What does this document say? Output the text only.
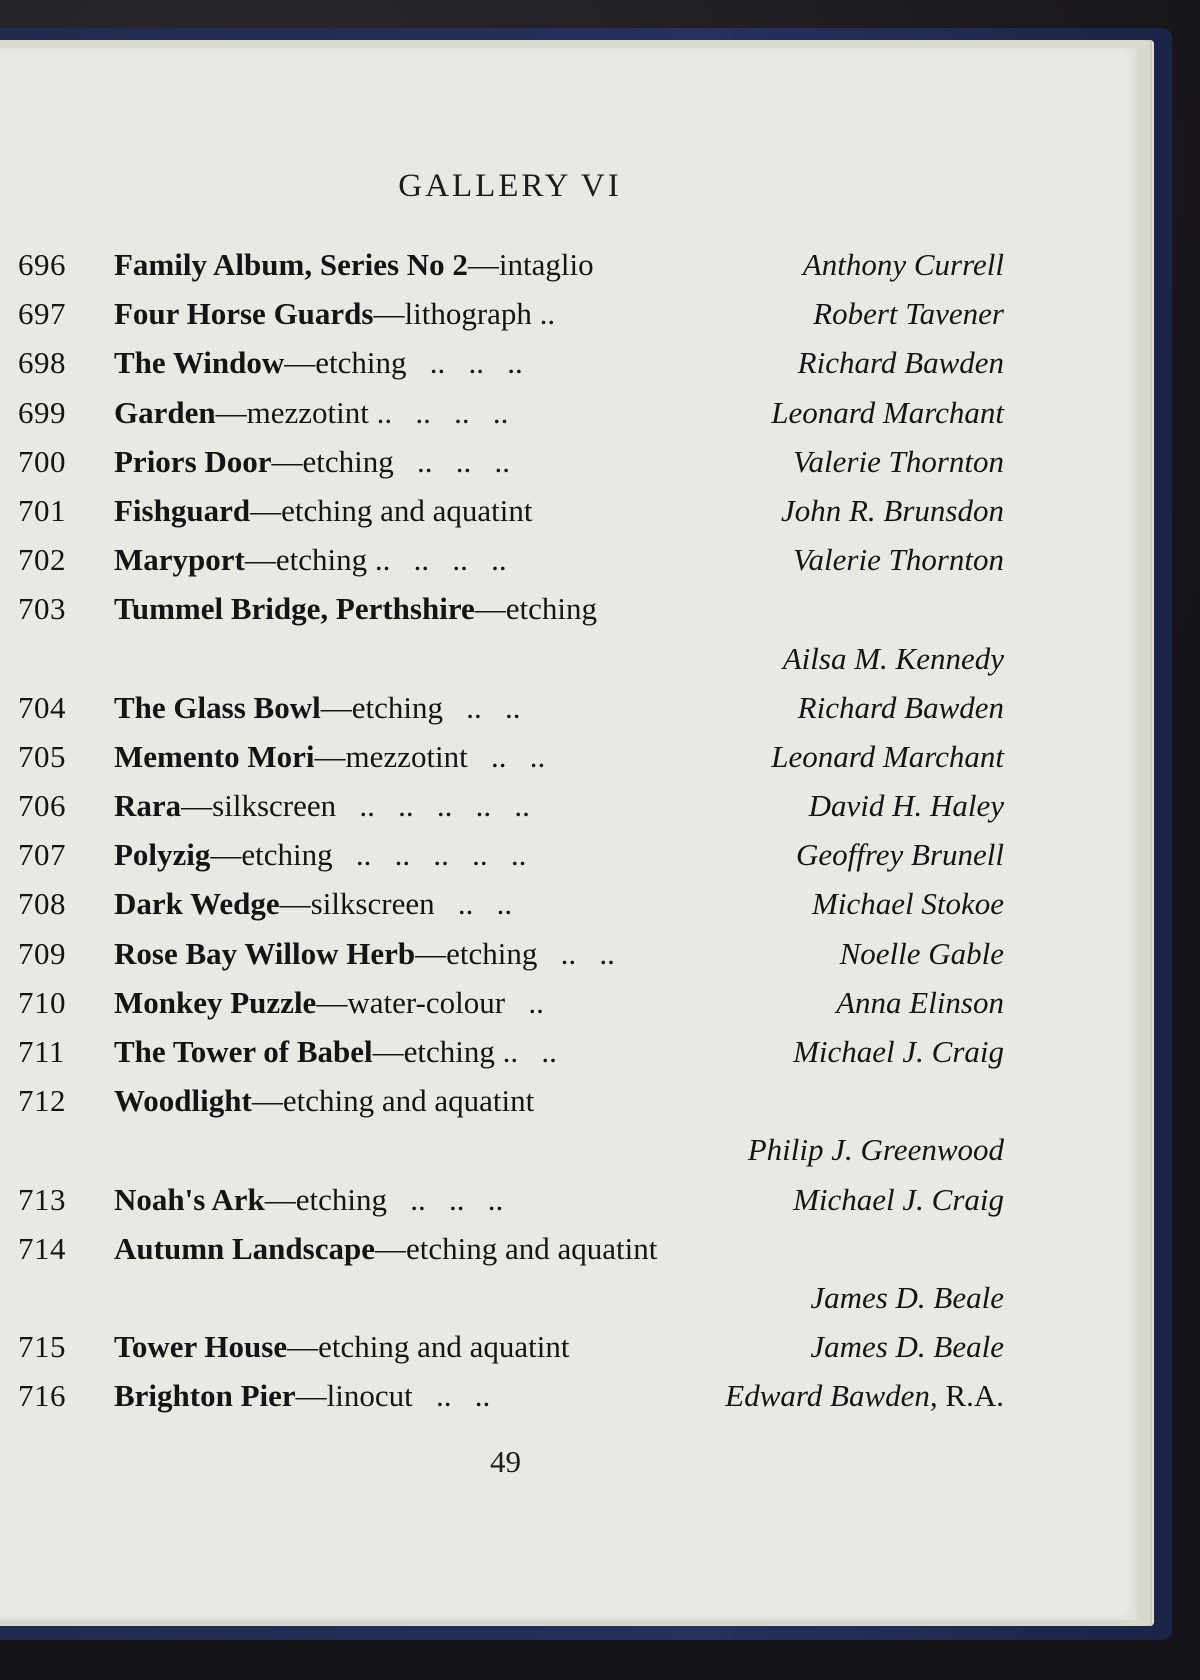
GALLERY VI
696 Family Album, Series No 2—intaglio	Anthony Currell
697 Four Horse Guards—lithograph ..	Robert Tavener
698 The Window—etching   ..   ..   ..	Richard Bawden
699 Garden—mezzotint ..   ..   ..   ..	Leonard Marchant
700 Priors Door—etching   ..   ..   ..	Valerie Thornton
701 Fishguard—etching and aquatint	John R. Brunsdon
702 Maryport—etching ..   ..   ..   ..	Valerie Thornton
703 Tummel Bridge, Perthshire—etching
Ailsa M. Kennedy
704 The Glass Bowl—etching   ..   ..	Richard Bawden
705 Memento Mori—mezzotint   ..   ..	Leonard Marchant
706 Rara—silkscreen   ..   ..   ..   ..   ..	David H. Haley
707 Polyzig—etching   ..   ..   ..   ..   ..	Geoffrey Brunell
708 Dark Wedge—silkscreen   ..   ..	Michael Stokoe
709 Rose Bay Willow Herb—etching   ..   ..	Noelle Gable
710 Monkey Puzzle—water-colour   ..	Anna Elinson
711 The Tower of Babel—etching ..   ..	Michael J. Craig
712 Woodlight—etching and aquatint
Philip J. Greenwood
713 Noah's Ark—etching   ..   ..   ..	Michael J. Craig
714 Autumn Landscape—etching and aquatint
James D. Beale
715 Tower House—etching and aquatint	James D. Beale
716 Brighton Pier—linocut   ..   ..	Edward Bawden, R.A.
49
